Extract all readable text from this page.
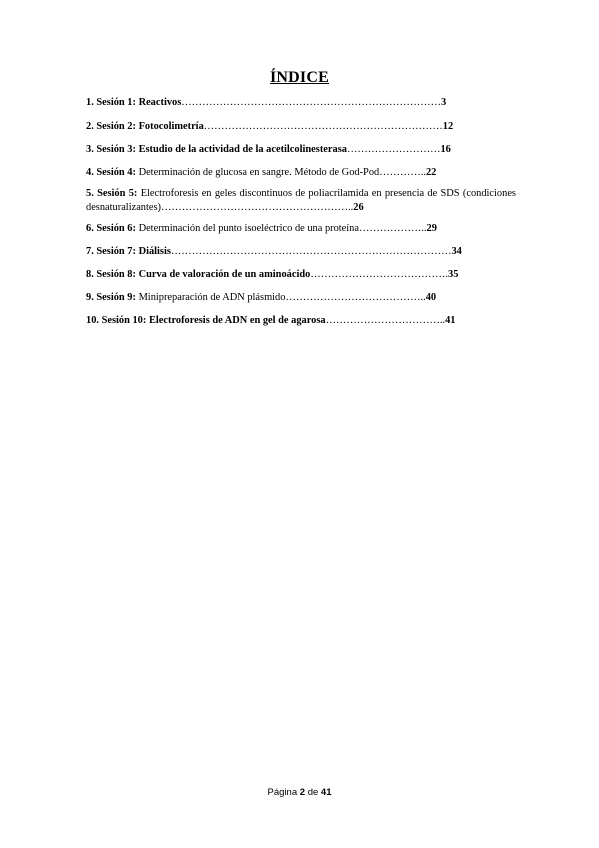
ÍNDICE
1. Sesión 1: Reactivos…………………………………………………………………3
2. Sesión 2: Fotocolimetría……………………………………………………………12
3. Sesión 3: Estudio de la actividad de la acetilcolinesterasa………………………16
4. Sesión 4: Determinación de glucosa en sangre. Método de God-Pod…………..22
5. Sesión 5: Electroforesis en geles discontinuos de poliacrilamida en presencia de SDS (condiciones desnaturalizantes)………………………………………………..26
6. Sesión 6: Determinación del punto isoeléctrico de una proteína………………..29
7. Sesión 7: Diálisis………………………………………………………………………34
8. Sesión 8: Curva de valoración de un aminoácido………………………………….35
9. Sesión 9: Minipreparación de ADN plásmido…………………………………..40
10. Sesión 10: Electroforesis de ADN en gel de agarosa……………………………..41
Página 2 de 41
